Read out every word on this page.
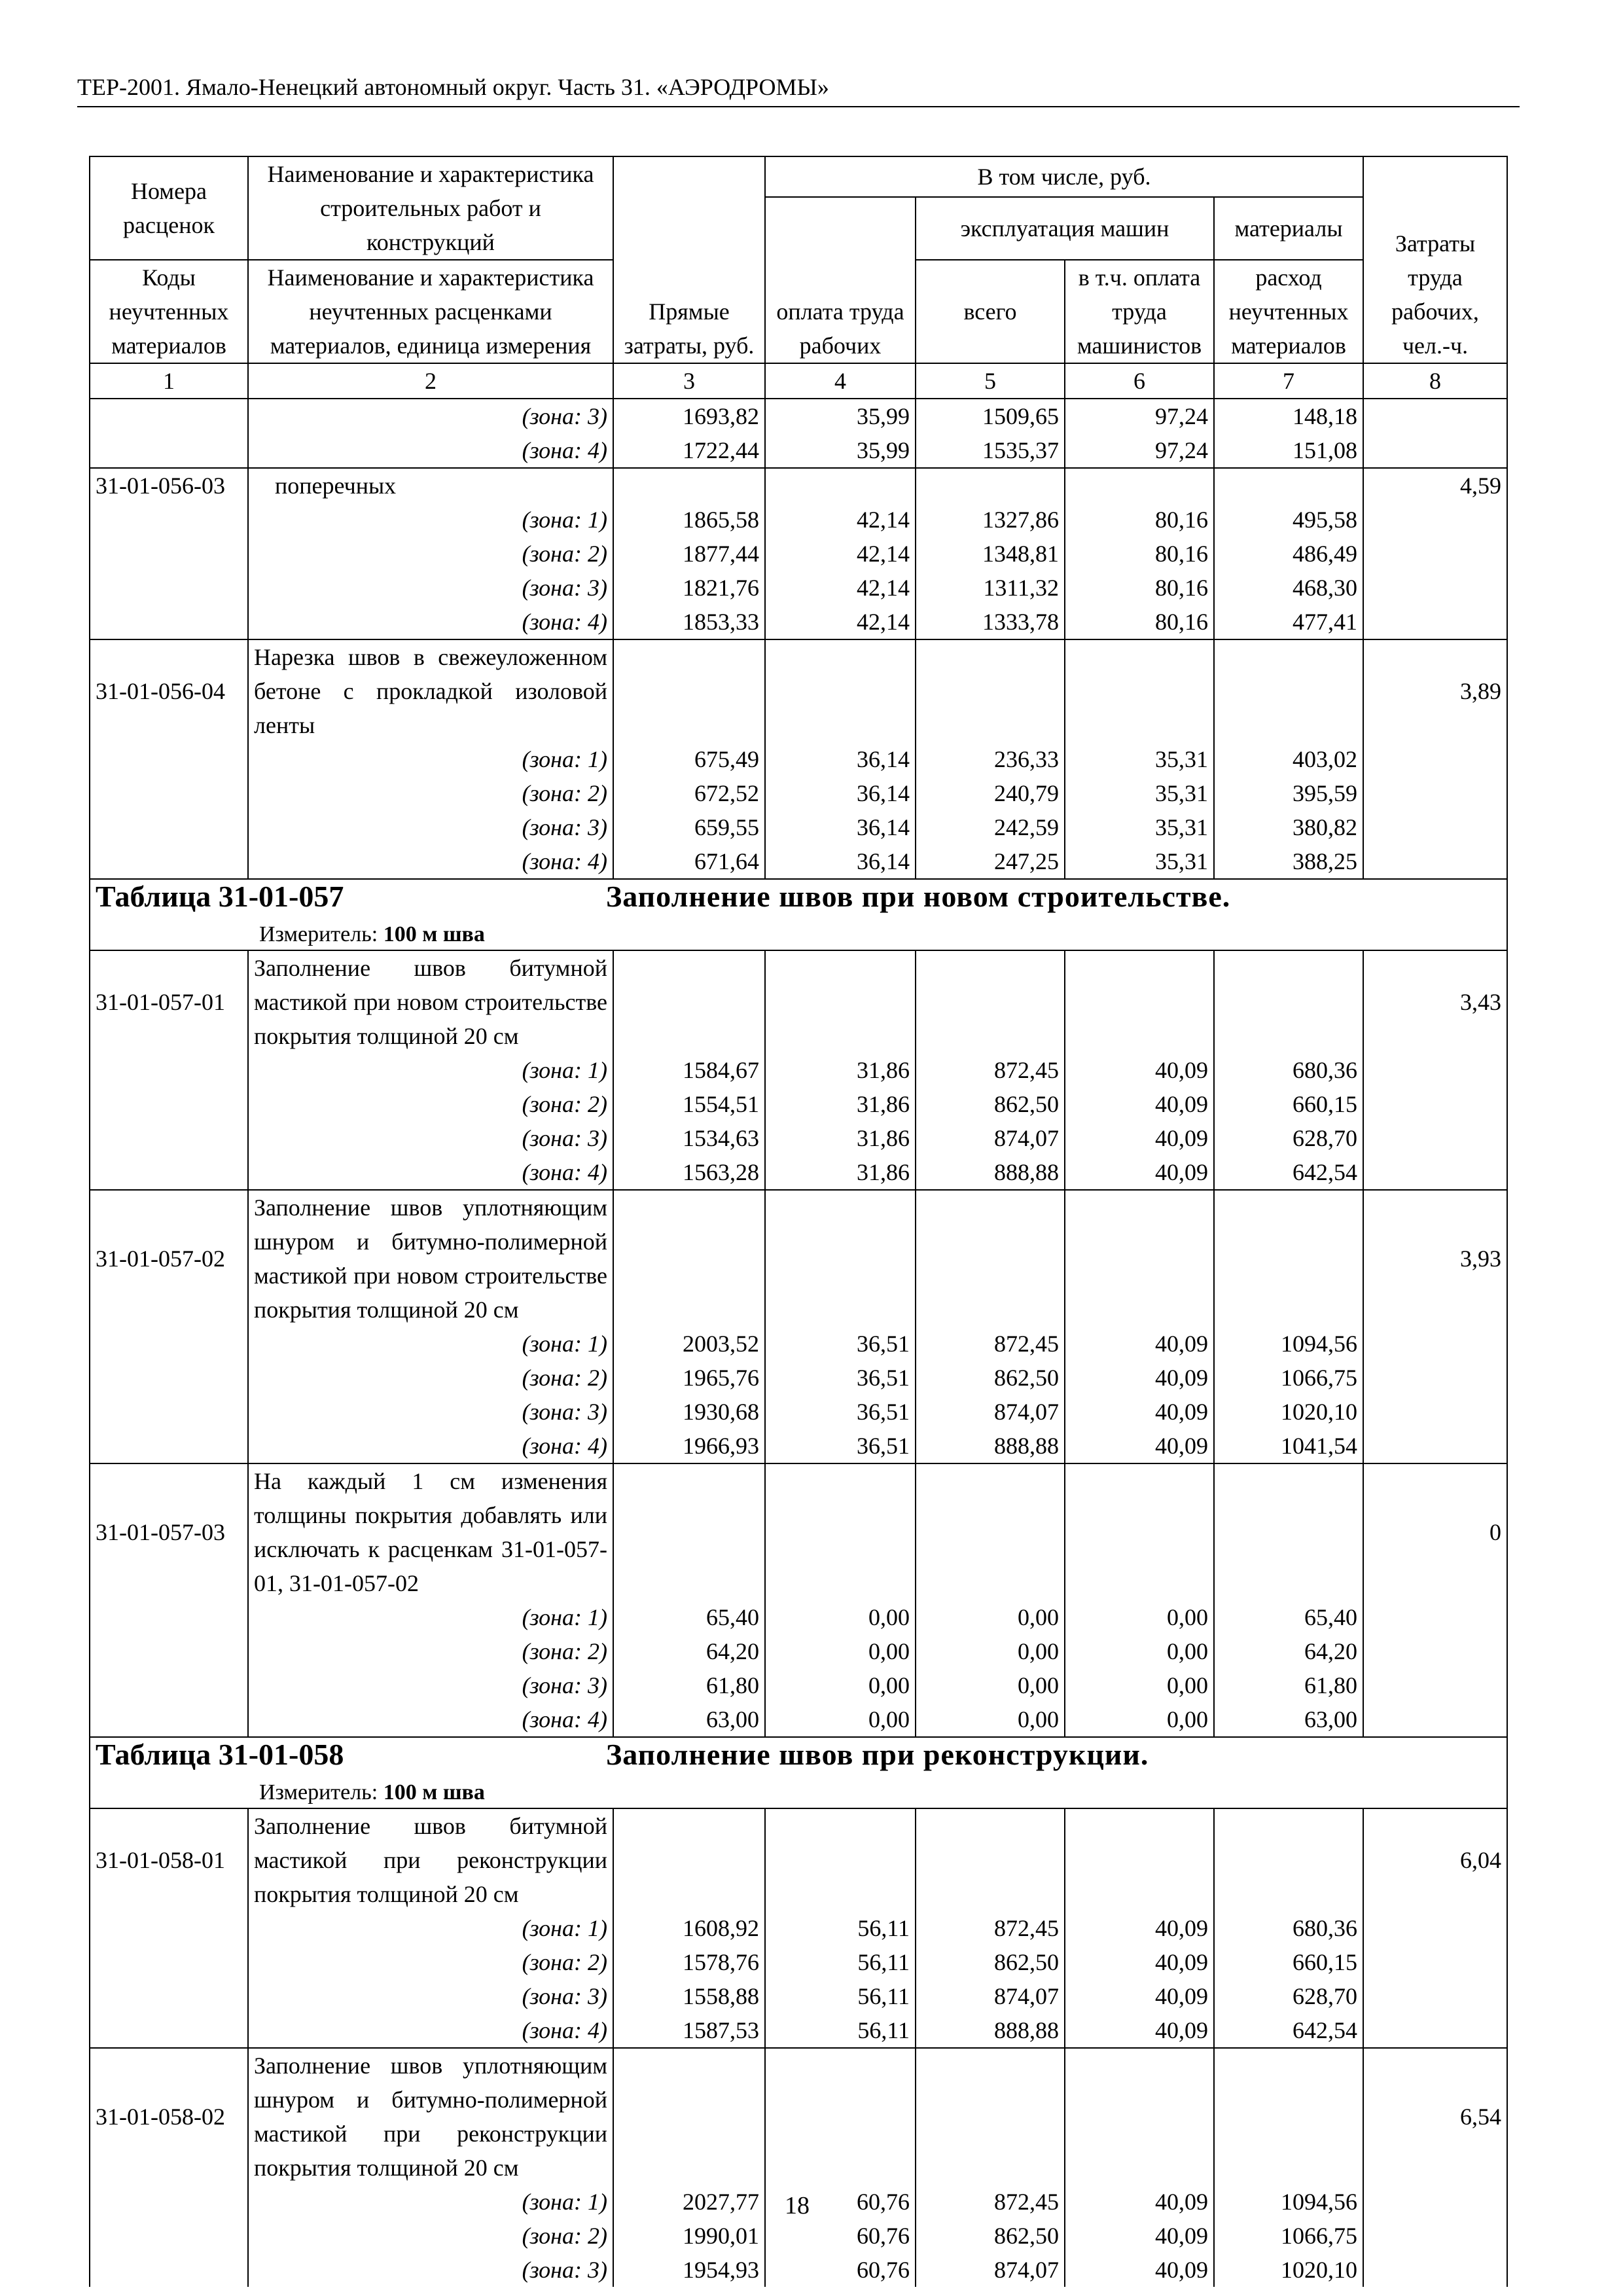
ТЕР-2001. Ямало-Ненецкий автономный округ. Часть 31. «АЭРОДРОМЫ»
Номера расценок	Наименование и характеристика строительных работ и конструкций	Прямые затраты, руб.	В том числе, руб.				Затраты труда рабочих, чел.-ч.
			оплата труда рабочих	эксплуатация машин		материалы	
Коды неучтенных материалов	Наименование и характеристика неучтенных расценками материалов, единица измерения			всего	в т.ч. оплата труда машинистов	расход неучтенных материалов	
1	2	3	4	5	6	7	8
	(зона: 3)	1693,82	35,99	1509,65	97,24	148,18	
	(зона: 4)	1722,44	35,99	1535,37	97,24	151,08	
31-01-056-03	поперечных						4,59
	(зона: 1)	1865,58	42,14	1327,86	80,16	495,58	
	(зона: 2)	1877,44	42,14	1348,81	80,16	486,49	
	(зона: 3)	1821,76	42,14	1311,32	80,16	468,30	
	(зона: 4)	1853,33	42,14	1333,78	80,16	477,41	
31-01-056-04	Нарезка швов в свежеуложенном бетоне с прокладкой изоловой ленты						3,89
	(зона: 1)	675,49	36,14	236,33	35,31	403,02	
	(зона: 2)	672,52	36,14	240,79	35,31	395,59	
	(зона: 3)	659,55	36,14	242,59	35,31	380,82	
	(зона: 4)	671,64	36,14	247,25	35,31	388,25	

Таблица 31-01-057 Заполнение швов при новом строительстве.
Измеритель: 100 м шва							

31-01-057-01	Заполнение швов битумной мастикой при новом строительстве покрытия толщиной 20 см						3,43
	(зона: 1)	1584,67	31,86	872,45	40,09	680,36	
	(зона: 2)	1554,51	31,86	862,50	40,09	660,15	
	(зона: 3)	1534,63	31,86	874,07	40,09	628,70	
	(зона: 4)	1563,28	31,86	888,88	40,09	642,54	
31-01-057-02	Заполнение швов уплотняющим шнуром и битумно-полимерной мастикой при новом строительстве покрытия толщиной 20 см						3,93
	(зона: 1)	2003,52	36,51	872,45	40,09	1094,56	
	(зона: 2)	1965,76	36,51	862,50	40,09	1066,75	
	(зона: 3)	1930,68	36,51	874,07	40,09	1020,10	
	(зона: 4)	1966,93	36,51	888,88	40,09	1041,54	
31-01-057-03	На каждый 1 см изменения толщины покрытия добавлять или исключать к расценкам 31-01-057-01, 31-01-057-02						0
	(зона: 1)	65,40	0,00	0,00	0,00	65,40	
	(зона: 2)	64,20	0,00	0,00	0,00	64,20	
	(зона: 3)	61,80	0,00	0,00	0,00	61,80	
	(зона: 4)	63,00	0,00	0,00	0,00	63,00	

Таблица 31-01-058 Заполнение швов при реконструкции.
Измеритель: 100 м шва							

31-01-058-01	Заполнение швов битумной мастикой при реконструкции покрытия толщиной 20 см						6,04
	(зона: 1)	1608,92	56,11	872,45	40,09	680,36	
	(зона: 2)	1578,76	56,11	862,50	40,09	660,15	
	(зона: 3)	1558,88	56,11	874,07	40,09	628,70	
	(зона: 4)	1587,53	56,11	888,88	40,09	642,54	
31-01-058-02	Заполнение швов уплотняющим шнуром и битумно-полимерной мастикой при реконструкции покрытия толщиной 20 см						6,54
	(зона: 1)	2027,77	60,76	872,45	40,09	1094,56	
	(зона: 2)	1990,01	60,76	862,50	40,09	1066,75	
	(зона: 3)	1954,93	60,76	874,07	40,09	1020,10	
18
